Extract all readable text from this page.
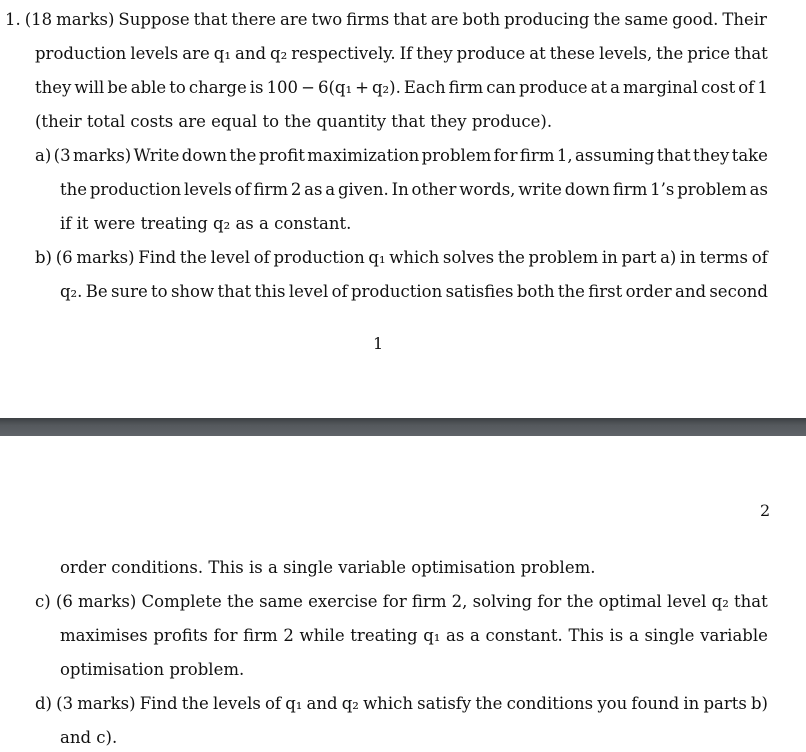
1. (18 marks) Suppose that there are two firms that are both producing the same good. Their
production levels are q₁ and q₂ respectively. If they produce at these levels, the price that
they will be able to charge is 100 − 6(q₁ + q₂). Each firm can produce at a marginal cost of 1
(their total costs are equal to the quantity that they produce).
a) (3 marks) Write down the profit maximization problem for firm 1, assuming that they take
the production levels of firm 2 as a given. In other words, write down firm 1’s problem as
if it were treating q₂ as a constant.
b) (6 marks) Find the level of production q₁ which solves the problem in part a) in terms of
q₂. Be sure to show that this level of production satisfies both the first order and second
1
2
order conditions. This is a single variable optimisation problem.
c) (6 marks) Complete the same exercise for firm 2, solving for the optimal level q₂ that
maximises profits for firm 2 while treating q₁ as a constant. This is a single variable
optimisation problem.
d) (3 marks) Find the levels of q₁ and q₂ which satisfy the conditions you found in parts b)
and c).
